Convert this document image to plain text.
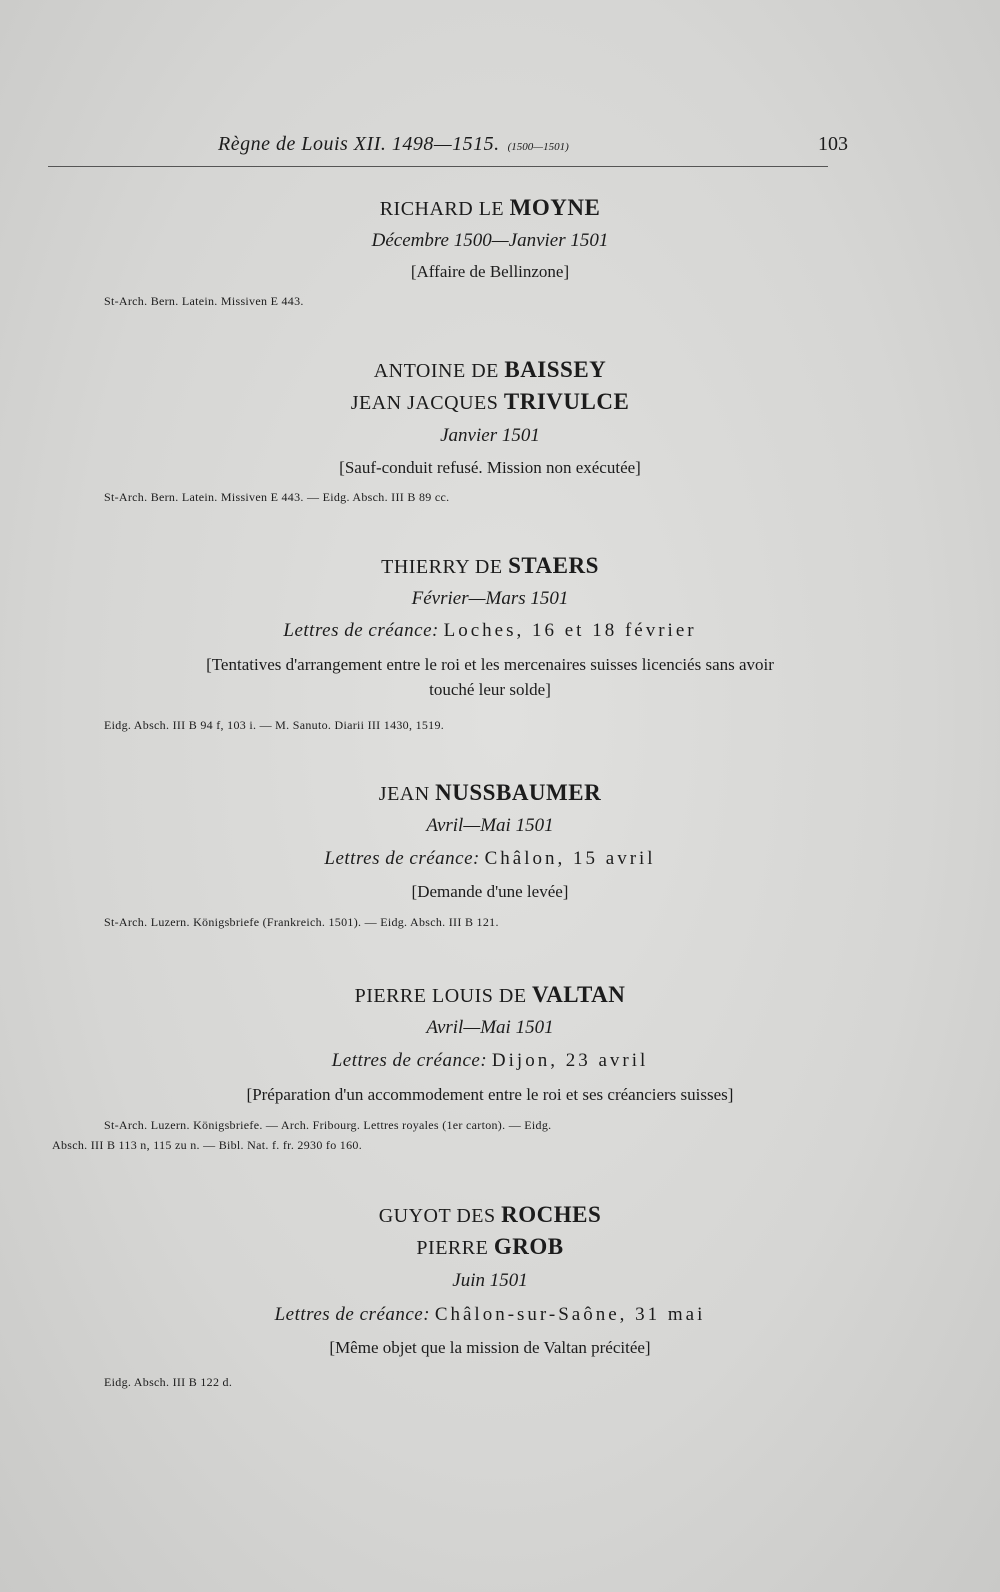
Règne de Louis XII. 1498—1515. (1500—1501)	103
RICHARD LE MOYNE
Décembre 1500—Janvier 1501
[Affaire de Bellinzone]
St-Arch. Bern. Latein. Missiven E 443.
ANTOINE DE BAISSEY
JEAN JACQUES TRIVULCE
Janvier 1501
[Sauf-conduit refusé. Mission non exécutée]
St-Arch. Bern. Latein. Missiven E 443. — Eidg. Absch. III B 89 cc.
THIERRY DE STAERS
Février—Mars 1501
Lettres de créance: Loches, 16 et 18 février
[Tentatives d'arrangement entre le roi et les mercenaires suisses licenciés sans avoir
touché leur solde]
Eidg. Absch. III B 94 f, 103 i. — M. Sanuto. Diarii III 1430, 1519.
JEAN NUSSBAUMER
Avril—Mai 1501
Lettres de créance: Châlon, 15 avril
[Demande d'une levée]
St-Arch. Luzern. Königsbriefe (Frankreich. 1501). — Eidg. Absch. III B 121.
PIERRE LOUIS DE VALTAN
Avril—Mai 1501
Lettres de créance: Dijon, 23 avril
[Préparation d'un accommodement entre le roi et ses créanciers suisses]
St-Arch. Luzern. Königsbriefe. — Arch. Fribourg. Lettres royales (1er carton). — Eidg.
Absch. III B 113 n, 115 zu n. — Bibl. Nat. f. fr. 2930 fo 160.
GUYOT DES ROCHES
PIERRE GROB
Juin 1501
Lettres de créance: Châlon-sur-Saône, 31 mai
[Même objet que la mission de Valtan précitée]
Eidg. Absch. III B 122 d.
